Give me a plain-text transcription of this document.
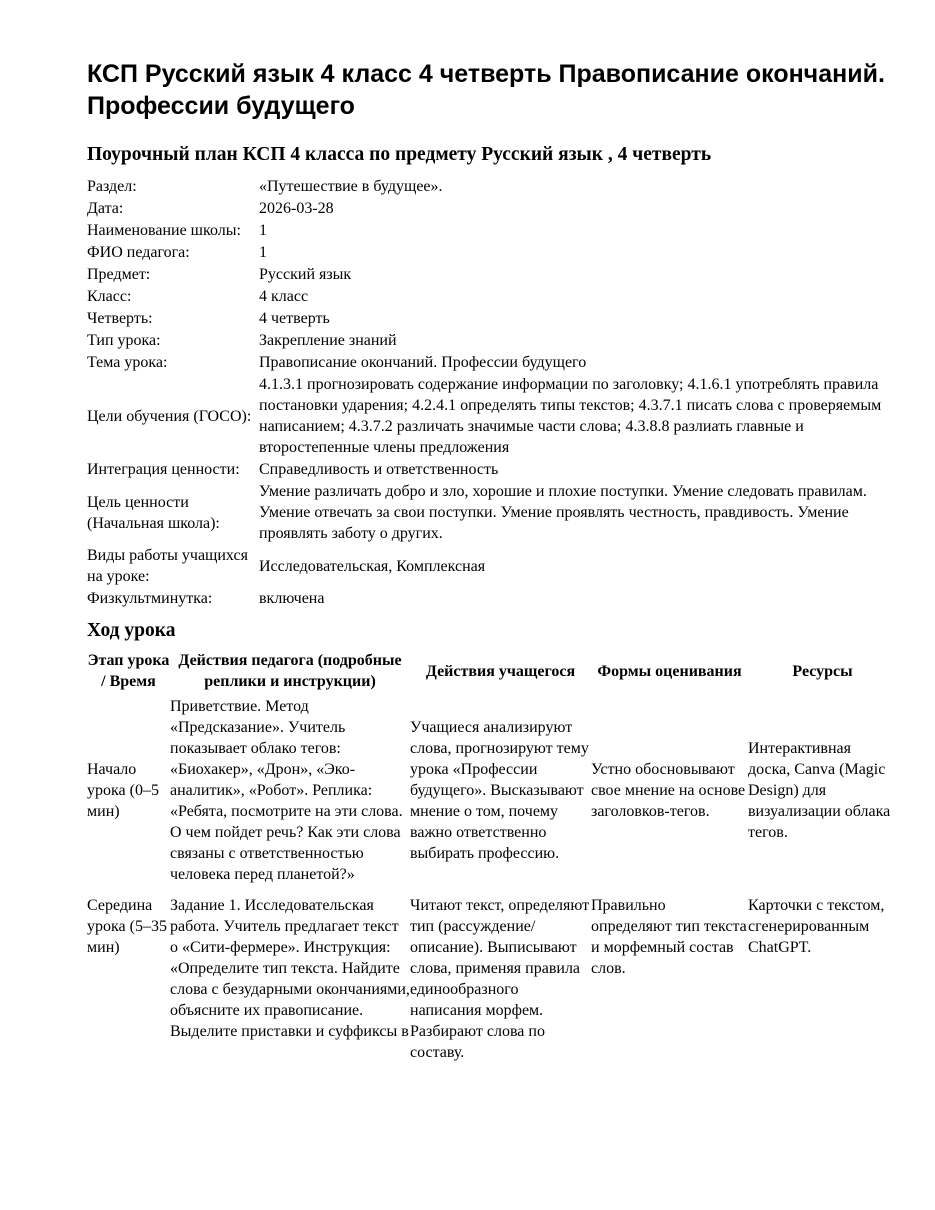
КСП Русский язык 4 класс 4 четверть Правописание окончаний. Профессии будущего
Поурочный план КСП 4 класса по предмету Русский язык , 4 четверть
Раздел:	«Путешествие в будущее».
Дата:	2026-03-28
Наименование школы:	1
ФИО педагога:	1
Предмет:	Русский язык
Класс:	4 класс
Четверть:	4 четверть
Тип урока:	Закрепление знаний
Тема урока:	Правописание окончаний. Профессии будущего
Цели обучения (ГОСО):	4.1.3.1 прогнозировать содержание информации по заголовку; 4.1.6.1 употреблять правила постановки ударения; 4.2.4.1 определять типы текстов; 4.3.7.1 писать слова с проверяемым написанием; 4.3.7.2 различать значимые части слова; 4.3.8.8 разлиать главные и второстепенные члены предложения
Интеграция ценности:	Справедливость и ответственность
Цель ценности (Начальная школа):	Умение различать добро и зло, хорошие и плохие поступки. Умение следовать правилам. Умение отвечать за свои поступки. Умение проявлять честность, правдивость. Умение проявлять заботу о других.
Виды работы учащихся на уроке:	Исследовательская, Комплексная
Физкультминутка:	включена
Ход урока
Этап урока / Время	Действия педагога (подробные реплики и инструкции)	Действия учащегося	Формы оценивания	Ресурсы
Начало урока (0–5 мин)	Приветствие. Метод «Предсказание». Учитель показывает облако тегов: «Биохакер», «Дрон», «Эко-аналитик», «Робот». Реплика: «Ребята, посмотрите на эти слова. О чем пойдет речь? Как эти слова связаны с ответственностью человека перед планетой?»	Учащиеся анализируют слова, прогнозируют тему урока «Профессии будущего». Высказывают мнение о том, почему важно ответственно выбирать профессию.	Устно обосновывают свое мнение на основе заголовков-тегов.	Интерактивная доска, Canva (Magic Design) для визуализации облака тегов.
Середина урока (5–35 мин)	Задание 1. Исследовательская работа. Учитель предлагает текст о «Сити-фермере». Инструкция: «Определите тип текста. Найдите слова с безударными окончаниями, объясните их правописание. Выделите приставки и суффиксы в	Читают текст, определяют тип (рассуждение/описание). Выписывают слова, применяя правила единообразного написания морфем. Разбирают слова по составу.	Правильно определяют тип текста и морфемный состав слов.	Карточки с текстом, сгенерированным ChatGPT.
